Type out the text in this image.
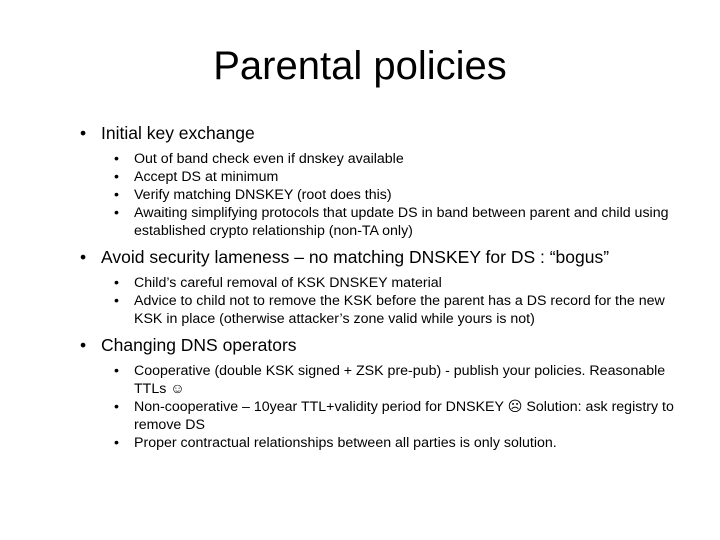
Parental policies
• Initial key exchange
• Out of band check even if dnskey available
• Accept DS at minimum
• Verify matching DNSKEY (root does this)
• Awaiting simplifying protocols that update DS in band between parent and child using established crypto relationship (non-TA only)
• Avoid security lameness – no matching DNSKEY for DS : “bogus”
• Child’s careful removal of KSK DNSKEY material
• Advice to child not to remove the KSK before the parent has a DS record for the new KSK in place (otherwise attacker’s zone valid while yours is not)
• Changing DNS operators
• Cooperative (double KSK signed + ZSK pre-pub) - publish your policies. Reasonable TTLs ☺
• Non-cooperative – 10year TTL+validity period for DNSKEY ☹ Solution: ask registry to remove DS
• Proper contractual relationships between all parties is only solution.
